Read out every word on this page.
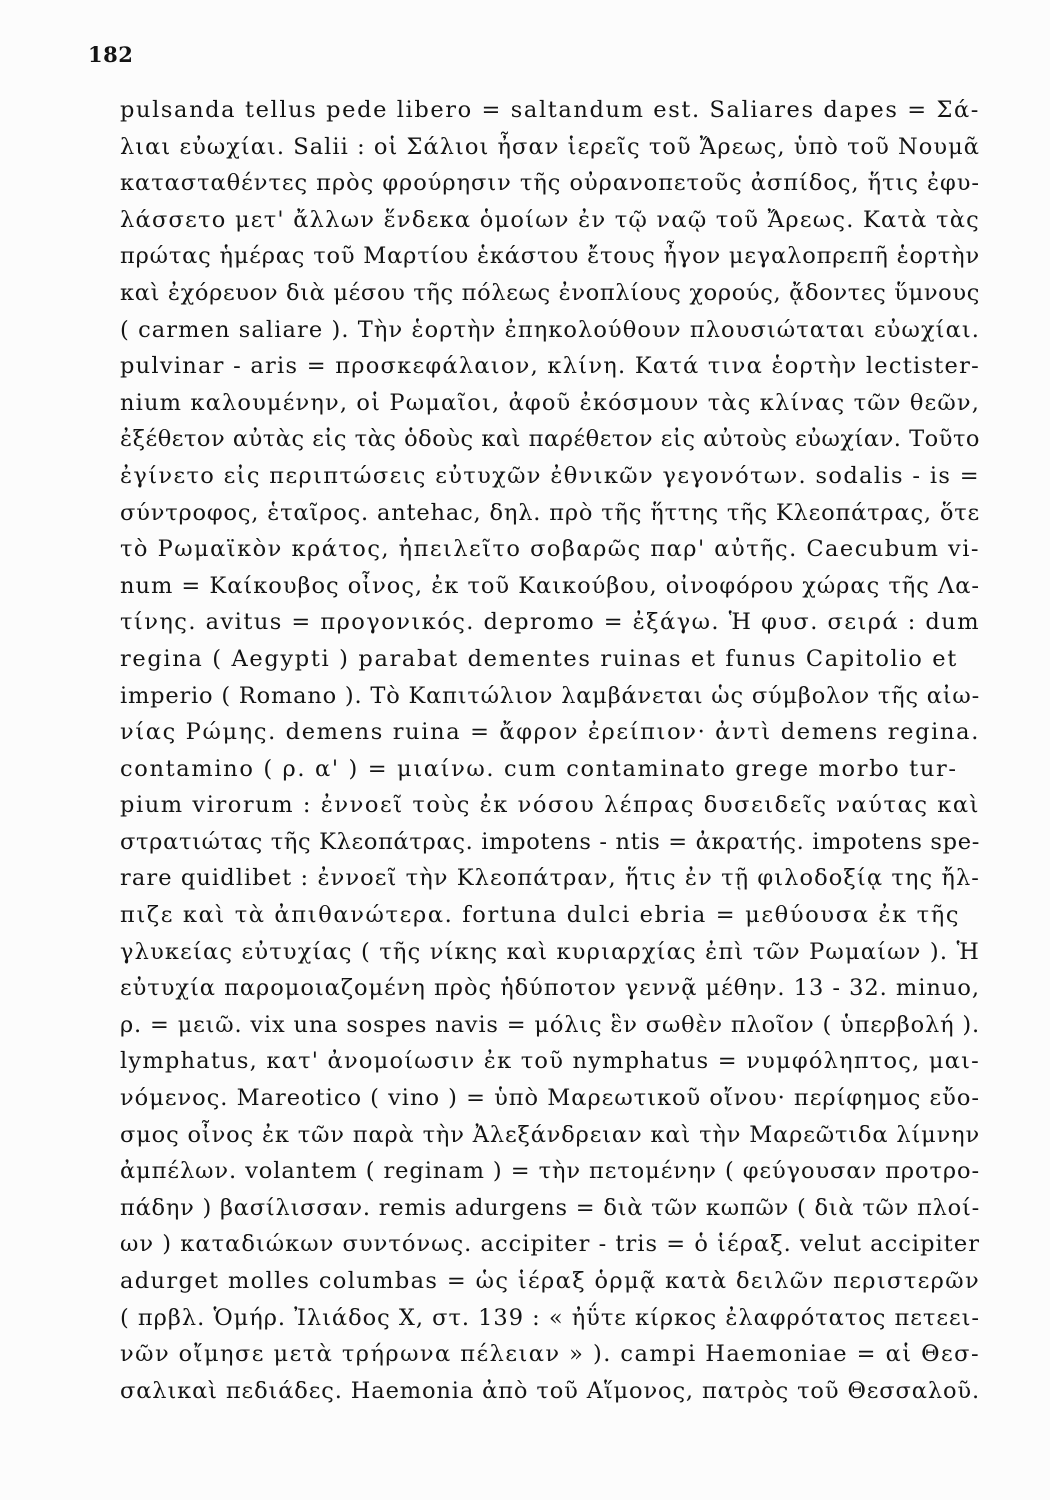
182
pulsanda tellus pede libero = saltandum est. Saliares dapes = Σά-
λιαι εὐωχίαι. Salii : οἱ Σάλιοι ἦσαν ἱερεῖς τοῦ Ἄρεως, ὑπὸ τοῦ Νουμᾶ
κατασταθέντες πρὸς φρούρησιν τῆς οὐρανοπετοῦς ἀσπίδος, ἥτις ἐφυ-
λάσσετο μετ' ἄλλων ἕνδεκα ὁμοίων ἐν τῷ ναῷ τοῦ Ἄρεως. Κατὰ τὰς
πρώτας ἡμέρας τοῦ Μαρτίου ἑκάστου ἔτους ἦγον μεγαλοπρεπῆ ἑορτὴν
καὶ ἐχόρευον διὰ μέσου τῆς πόλεως ἐνοπλίους χορούς, ᾄδοντες ὕμνους
( carmen saliare ). Τὴν ἑορτὴν ἐπηκολούθουν πλουσιώταται εὐωχίαι.
pulvinar - aris = προσκεφάλαιον, κλίνη. Κατά τινα ἑορτὴν lectister-
nium καλουμένην, οἱ Ρωμαῖοι, ἀφοῦ ἐκόσμουν τὰς κλίνας τῶν θεῶν,
ἐξέθετον αὐτὰς εἰς τὰς ὁδοὺς καὶ παρέθετον εἰς αὐτοὺς εὐωχίαν. Τοῦτο
ἐγίνετο εἰς περιπτώσεις εὐτυχῶν ἐθνικῶν γεγονότων. sodalis - is =
σύντροφος, ἑταῖρος. antehac, δηλ. πρὸ τῆς ἥττης τῆς Κλεοπάτρας, ὅτε
τὸ Ρωμαϊκὸν κράτος, ἠπειλεῖτο σοβαρῶς παρ' αὐτῆς. Caecubum vi-
num = Καίκουβος οἶνος, ἐκ τοῦ Καικούβου, οἰνοφόρου χώρας τῆς Λα-
τίνης. avitus = προγονικός. depromo = ἐξάγω. Ἡ φυσ. σειρά : dum
regina ( Aegypti ) parabat dementes ruinas et funus Capitolio et
imperio ( Romano ). Τὸ Καπιτώλιον λαμβάνεται ὡς σύμβολον τῆς αἰω-
νίας Ρώμης. demens ruina = ἄφρον ἐρείπιον· ἀντὶ demens regina.
contamino ( ρ. α' ) = μιαίνω. cum contaminato grege morbo tur-
pium virorum : ἐννοεῖ τοὺς ἐκ νόσου λέπρας δυσειδεῖς ναύτας καὶ
στρατιώτας τῆς Κλεοπάτρας. impotens - ntis = ἀκρατής. impotens spe-
rare quidlibet : ἐννοεῖ τὴν Κλεοπάτραν, ἥτις ἐν τῇ φιλοδοξίᾳ της ἤλ-
πιζε καὶ τὰ ἀπιθανώτερα. fortuna dulci ebria = μεθύουσα ἐκ τῆς
γλυκείας εὐτυχίας ( τῆς νίκης καὶ κυριαρχίας ἐπὶ τῶν Ρωμαίων ). Ἡ
εὐτυχία παρομοιαζομένη πρὸς ἡδύποτον γεννᾷ μέθην. 13 - 32. minuo,
ρ. = μειῶ. vix una sospes navis = μόλις ἓν σωθὲν πλοῖον ( ὑπερβολή ).
lymphatus, κατ' ἀνομοίωσιν ἐκ τοῦ nymphatus = νυμφόληπτος, μαι-
νόμενος. Mareotico ( vino ) = ὑπὸ Μαρεωτικοῦ οἴνου· περίφημος εὔο-
σμος οἶνος ἐκ τῶν παρὰ τὴν Ἀλεξάνδρειαν καὶ τὴν Μαρεῶτιδα λίμνην
ἀμπέλων. volantem ( reginam ) = τὴν πετομένην ( φεύγουσαν προτρο-
πάδην ) βασίλισσαν. remis adurgens = διὰ τῶν κωπῶν ( διὰ τῶν πλοί-
ων ) καταδιώκων συντόνως. accipiter - tris = ὁ ἱέραξ. velut accipiter
adurget molles columbas = ὡς ἱέραξ ὁρμᾷ κατὰ δειλῶν περιστερῶν
( πρβλ. Ὁμήρ. Ἰλιάδος Χ, στ. 139 : « ἠΰτε κίρκος ἐλαφρότατος πετεει-
νῶν οἴμησε μετὰ τρήρωνα πέλειαν » ). campi Haemoniae = αἱ Θεσ-
σαλικαὶ πεδιάδες. Haemonia ἀπὸ τοῦ Αἵμονος, πατρὸς τοῦ Θεσσαλοῦ.
